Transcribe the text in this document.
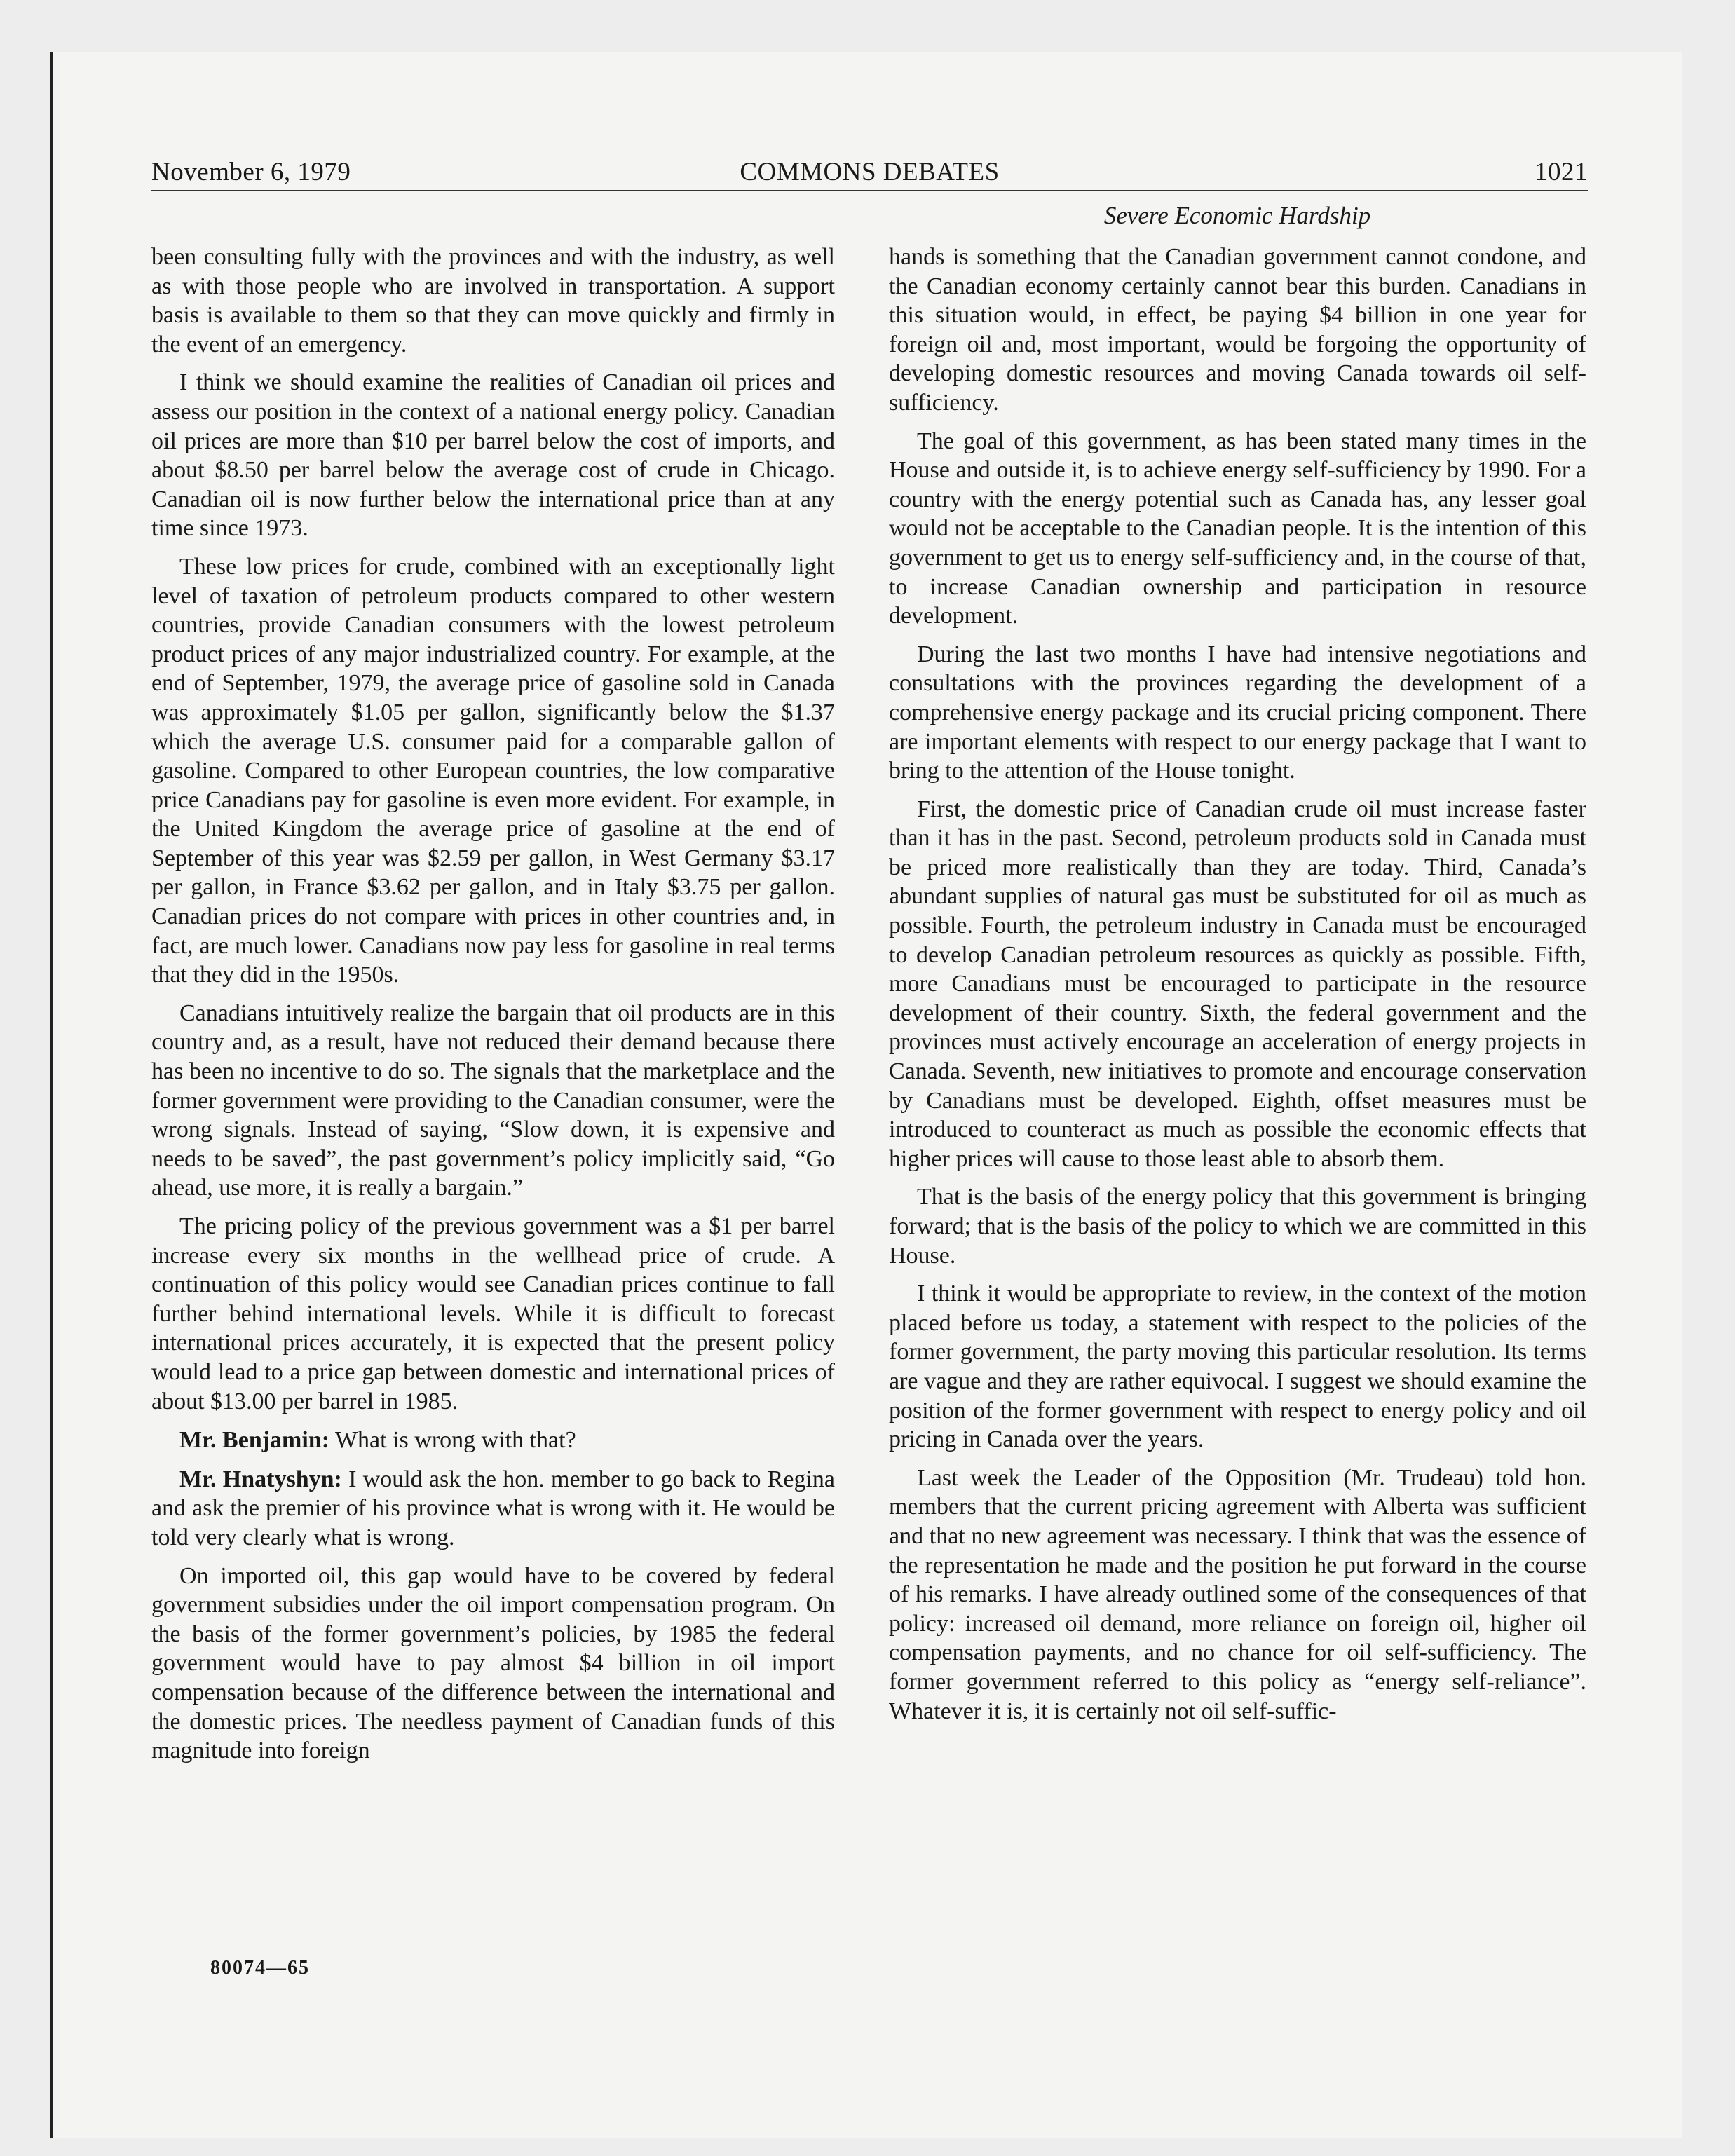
November 6, 1979	COMMONS DEBATES	1021
Severe Economic Hardship

been consulting fully with the provinces and with the industry, as well as with those people who are involved in transportation. A support basis is available to them so that they can move quickly and firmly in the event of an emergency.

I think we should examine the realities of Canadian oil prices and assess our position in the context of a national energy policy. Canadian oil prices are more than $10 per barrel below the cost of imports, and about $8.50 per barrel below the average cost of crude in Chicago. Canadian oil is now further below the international price than at any time since 1973.

These low prices for crude, combined with an exceptionally light level of taxation of petroleum products compared to other western countries, provide Canadian consumers with the lowest petroleum product prices of any major industrialized country. For example, at the end of September, 1979, the average price of gasoline sold in Canada was approximately $1.05 per gallon, significantly below the $1.37 which the average U.S. consumer paid for a comparable gallon of gasoline. Compared to other European countries, the low comparative price Canadians pay for gasoline is even more evident. For example, in the United Kingdom the average price of gasoline at the end of September of this year was $2.59 per gallon, in West Germany $3.17 per gallon, in France $3.62 per gallon, and in Italy $3.75 per gallon. Canadian prices do not compare with prices in other countries and, in fact, are much lower. Canadians now pay less for gasoline in real terms that they did in the 1950s.

Canadians intuitively realize the bargain that oil products are in this country and, as a result, have not reduced their demand because there has been no incentive to do so. The signals that the marketplace and the former government were providing to the Canadian consumer, were the wrong signals. Instead of saying, “Slow down, it is expensive and needs to be saved”, the past government’s policy implicitly said, “Go ahead, use more, it is really a bargain.”

The pricing policy of the previous government was a $1 per barrel increase every six months in the wellhead price of crude. A continuation of this policy would see Canadian prices continue to fall further behind international levels. While it is difficult to forecast international prices accurately, it is expected that the present policy would lead to a price gap between domestic and international prices of about $13.00 per barrel in 1985.

Mr. Benjamin: What is wrong with that?

Mr. Hnatyshyn: I would ask the hon. member to go back to Regina and ask the premier of his province what is wrong with it. He would be told very clearly what is wrong.

On imported oil, this gap would have to be covered by federal government subsidies under the oil import compensation program. On the basis of the former government’s policies, by 1985 the federal government would have to pay almost $4 billion in oil import compensation because of the difference between the international and the domestic prices. The needless payment of Canadian funds of this magnitude into foreign

hands is something that the Canadian government cannot condone, and the Canadian economy certainly cannot bear this burden. Canadians in this situation would, in effect, be paying $4 billion in one year for foreign oil and, most important, would be forgoing the opportunity of developing domestic resources and moving Canada towards oil self-sufficiency.

The goal of this government, as has been stated many times in the House and outside it, is to achieve energy self-sufficiency by 1990. For a country with the energy potential such as Canada has, any lesser goal would not be acceptable to the Canadian people. It is the intention of this government to get us to energy self-sufficiency and, in the course of that, to increase Canadian ownership and participation in resource development.

During the last two months I have had intensive negotiations and consultations with the provinces regarding the development of a comprehensive energy package and its crucial pricing component. There are important elements with respect to our energy package that I want to bring to the attention of the House tonight.

First, the domestic price of Canadian crude oil must increase faster than it has in the past. Second, petroleum products sold in Canada must be priced more realistically than they are today. Third, Canada’s abundant supplies of natural gas must be substituted for oil as much as possible. Fourth, the petroleum industry in Canada must be encouraged to develop Canadian petroleum resources as quickly as possible. Fifth, more Canadians must be encouraged to participate in the resource development of their country. Sixth, the federal government and the provinces must actively encourage an acceleration of energy projects in Canada. Seventh, new initiatives to promote and encourage conservation by Canadians must be developed. Eighth, offset measures must be introduced to counteract as much as possible the economic effects that higher prices will cause to those least able to absorb them.

That is the basis of the energy policy that this government is bringing forward; that is the basis of the policy to which we are committed in this House.

I think it would be appropriate to review, in the context of the motion placed before us today, a statement with respect to the policies of the former government, the party moving this particular resolution. Its terms are vague and they are rather equivocal. I suggest we should examine the position of the former government with respect to energy policy and oil pricing in Canada over the years.

Last week the Leader of the Opposition (Mr. Trudeau) told hon. members that the current pricing agreement with Alberta was sufficient and that no new agreement was necessary. I think that was the essence of the representation he made and the position he put forward in the course of his remarks. I have already outlined some of the consequences of that policy: increased oil demand, more reliance on foreign oil, higher oil compensation payments, and no chance for oil self-sufficiency. The former government referred to this policy as “energy self-reliance”. Whatever it is, it is certainly not oil self-suffic-

80074—65
